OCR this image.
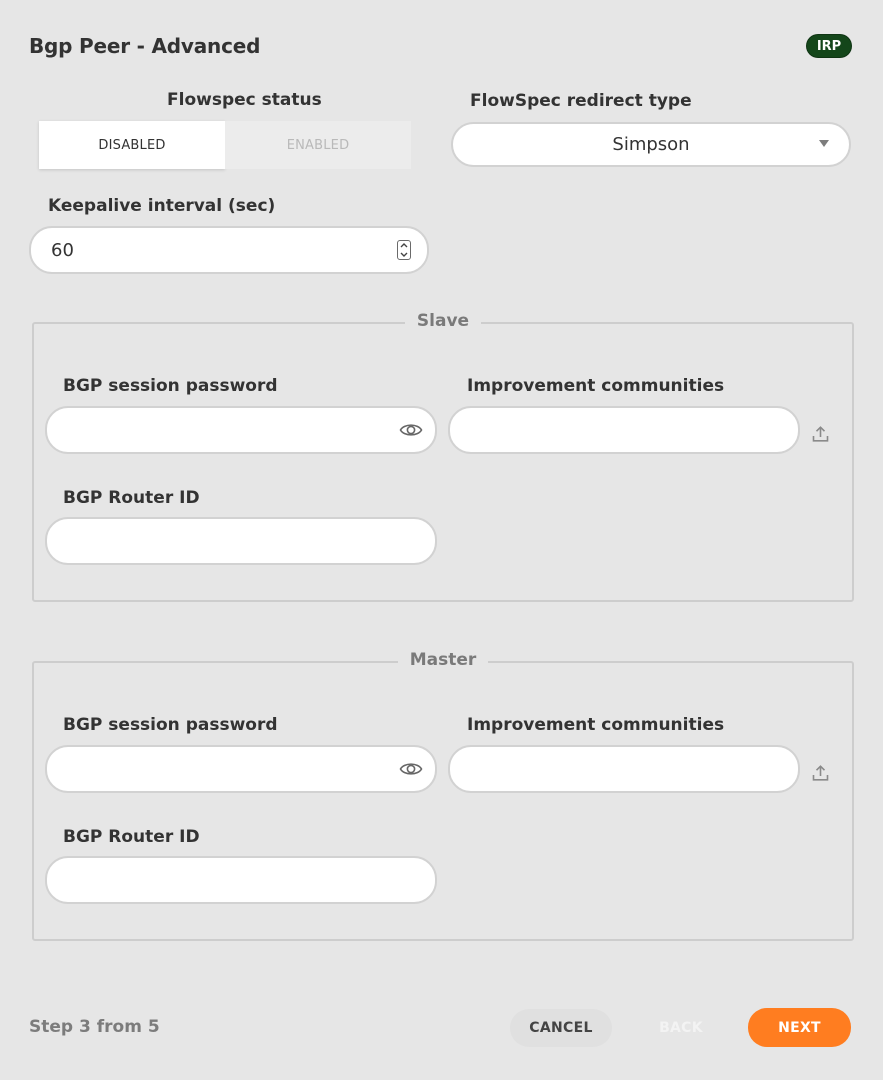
Bgp Peer - Advanced	IRP
Flowspec status
DISABLED	ENABLED
FlowSpec redirect type
Simpson
Keepalive interval (sec)
60
Slave
BGP session password	Improvement communities
BGP Router ID
Master
BGP session password	Improvement communities
BGP Router ID
Step 3 from 5	CANCEL	BACK	NEXT
